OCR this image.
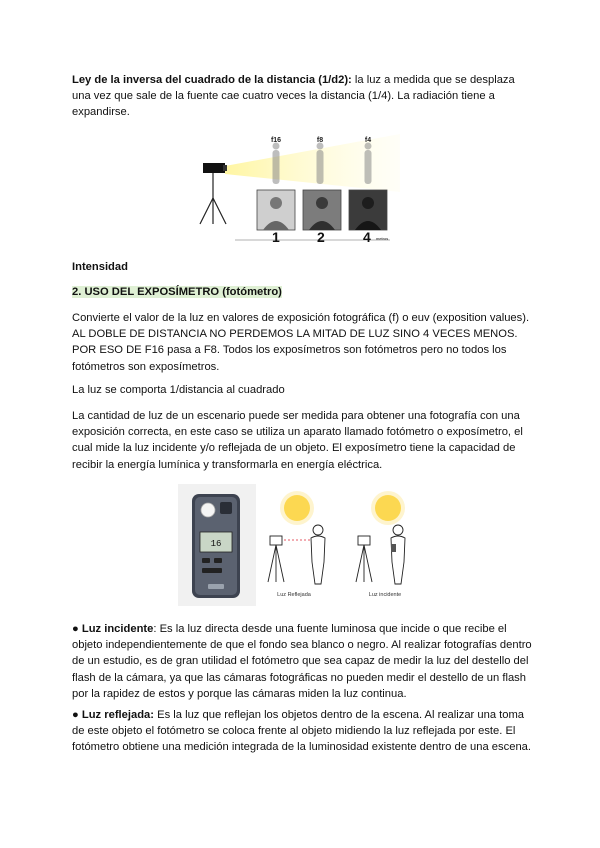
Ley de la inversa del cuadrado de la distancia (1/d2): la luz a medida que se desplaza una vez que sale de la fuente cae cuatro veces la distancia (1/4). La radiación tiene a expandirse.

f16	f8	f4
1	2	4 metros

Intensidad

2. USO DEL EXPOSÍMETRO (fotómetro)

Convierte el valor de la luz en valores de exposición fotográfica (f) o euv (exposition values). AL DOBLE DE DISTANCIA NO PERDEMOS LA MITAD DE LUZ SINO 4 VECES MENOS. POR ESO DE F16 pasa a F8. Todos los exposímetros son fotómetros pero no todos los fotómetros son exposímetros.

La luz se comporta 1/distancia al cuadrado

La cantidad de luz de un escenario puede ser medida para obtener una fotografía con una exposición correcta, en este caso se utiliza un aparato llamado fotómetro o exposímetro, el cual mide la luz incidente y/o reflejada de un objeto. El exposímetro tiene la capacidad de recibir la energía lumínica y transformarla en energía eléctrica.

16
Luz Reflejada	Luz incidente

● Luz incidente: Es la luz directa desde una fuente luminosa que incide o que recibe el objeto independientemente de que el fondo sea blanco o negro. Al realizar fotografías dentro de un estudio, es de gran utilidad el fotómetro que sea capaz de medir la luz del destello del flash de la cámara, ya que las cámaras fotográficas no pueden medir el destello de un flash por la rapidez de estos y porque las cámaras miden la luz continua.

● Luz reflejada: Es la luz que reflejan los objetos dentro de la escena. Al realizar una toma de este objeto el fotómetro se coloca frente al objeto midiendo la luz reflejada por este. El fotómetro obtiene una medición integrada de la luminosidad existente dentro de una escena.
